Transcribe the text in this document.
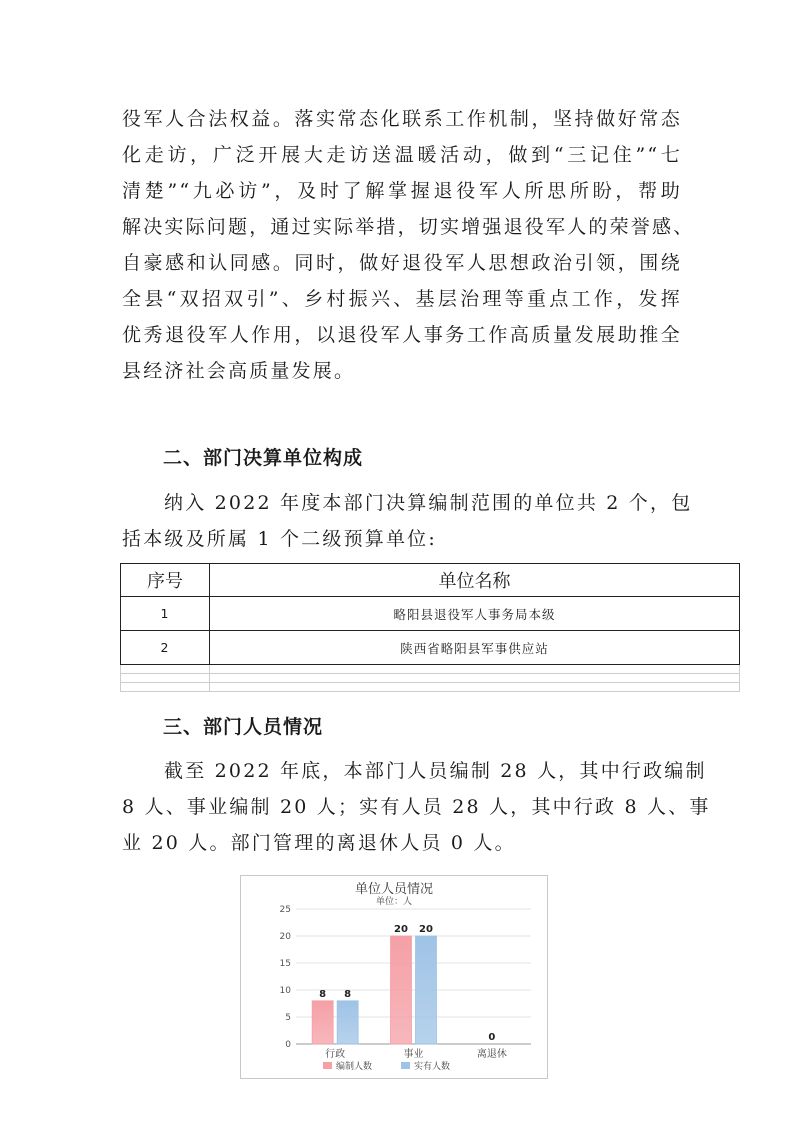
役军人合法权益。落实常态化联系工作机制，坚持做好常态
化走访，广泛开展大走访送温暖活动，做到“三记住”“七
清楚”“九必访”，及时了解掌握退役军人所思所盼，帮助
解决实际问题，通过实际举措，切实增强退役军人的荣誉感、
自豪感和认同感。同时，做好退役军人思想政治引领，围绕
全县“双招双引”、乡村振兴、基层治理等重点工作，发挥
优秀退役军人作用，以退役军人事务工作高质量发展助推全
县经济社会高质量发展。

二、部门决算单位构成

纳入 2022 年度本部门决算编制范围的单位共 2 个，包
括本级及所属 1 个二级预算单位:
序号	单位名称
1	略阳县退役军人事务局本级
2	陕西省略阳县军事供应站

三、部门人员情况

截至 2022 年底，本部门人员编制 28 人，其中行政编制
8 人、事业编制 20 人；实有人员 28 人，其中行政 8 人、事
业 20 人。部门管理的离退休人员 0 人。
单位人员情况
单位：人
0
5
10
15
20
25
行政
8 8
事业
20 20
离退休
0
编制人数	实有人数
